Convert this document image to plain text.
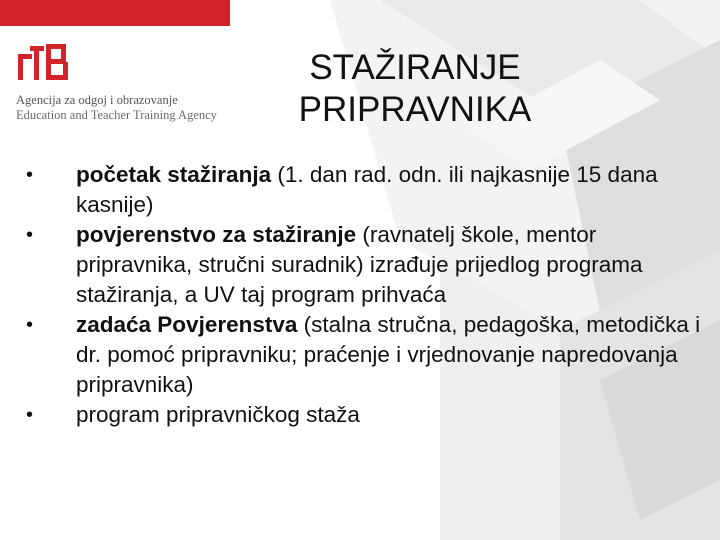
Agencija za odgoj i obrazovanje
Education and Teacher Training Agency
STAŽIRANJE
PRIPRAVNIKA
•	početak stažiranja (1. dan rad. odn. ili najkasnije 15 dana kasnije)
•	povjerenstvo za stažiranje (ravnatelj škole, mentor pripravnika, stručni suradnik) izrađuje prijedlog programa stažiranja, a UV taj program prihvaća
•	zadaća Povjerenstva (stalna stručna, pedagoška, metodička i dr. pomoć pripravniku; praćenje i vrjednovanje napredovanja pripravnika)
•	program pripravničkog staža
